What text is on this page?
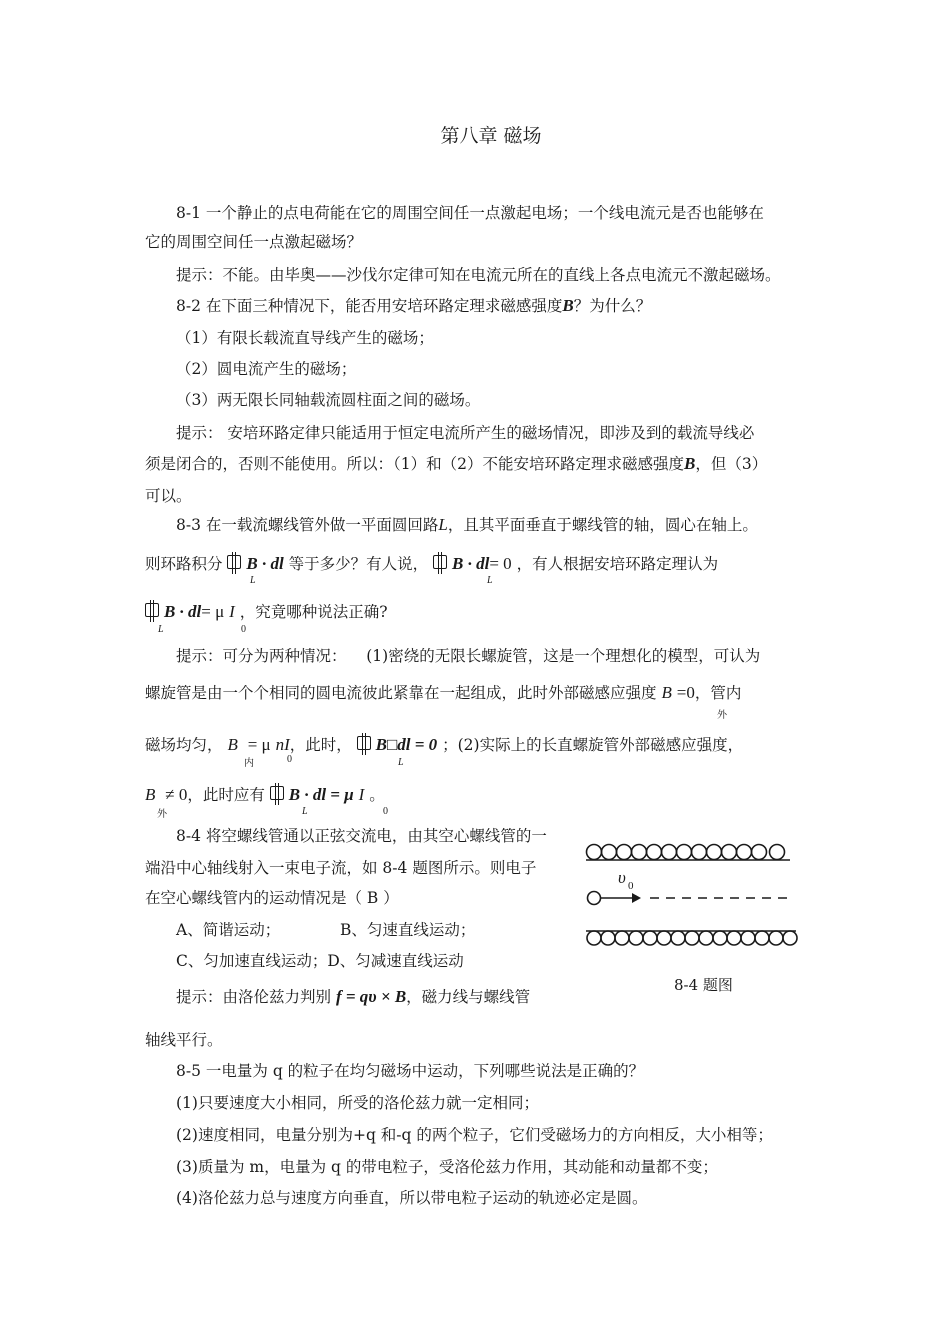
第八章 磁场
8-1 一个静止的点电荷能在它的周围空间任一点激起电场；一个线电流元是否也能够在
它的周围空间任一点激起磁场？
提示：不能。由毕奥——沙伐尔定律可知在电流元所在的直线上各点电流元不激起磁场。
8-2 在下面三种情况下，能否用安培环路定理求磁感强度B？为什么？
（1）有限长载流直导线产生的磁场；
（2）圆电流产生的磁场；
（3）两无限长同轴载流圆柱面之间的磁场。
提示： 安培环路定律只能适用于恒定电流所产生的磁场情况，即涉及到的载流导线必
须是闭合的，否则不能使用。所以：（1）和（2）不能安培环路定理求磁感强度B，但（3）
可以。
8-3 在一载流螺线管外做一平面圆回路L，且其平面垂直于螺线管的轴，圆心在轴上。
则环路积分 B · dl 等于多少？有人说， B · dl= 0 ，有人根据安培环路定理认为
L	L
B · dl= μ I ，究竟哪种说法正确?
L	0
提示：可分为两种情况： (1)密绕的无限长螺旋管，这是一个理想化的模型，可认为
螺旋管是由一个个相同的圆电流彼此紧靠在一起组成，此时外部磁感应强度 B =0，管内
外
磁场均匀， B = μ nI，此时， B□dl = 0 ；(2)实际上的长直螺旋管外部磁感应强度，
内	0	L
B ≠ 0，此时应有 B · dl = μ I 。
外	L	0
8-4 将空螺线管通以正弦交流电，由其空心螺线管的一
端沿中心轴线射入一束电子流，如 8-4 题图所示。则电子
在空心螺线管内的运动情况是（ B ）
A、简谐运动；	B、匀速直线运动；
C、匀加速直线运动；D、匀减速直线运动
提示：由洛伦兹力判别 f = qυ × B，磁力线与螺线管
轴线平行。
υ 0
8-4 题图
8-5 一电量为 q 的粒子在均匀磁场中运动，下列哪些说法是正确的？
(1)只要速度大小相同，所受的洛伦兹力就一定相同；
(2)速度相同，电量分别为+q 和-q 的两个粒子，它们受磁场力的方向相反，大小相等；
(3)质量为 m，电量为 q 的带电粒子，受洛伦兹力作用，其动能和动量都不变；
(4)洛伦兹力总与速度方向垂直，所以带电粒子运动的轨迹必定是圆。
